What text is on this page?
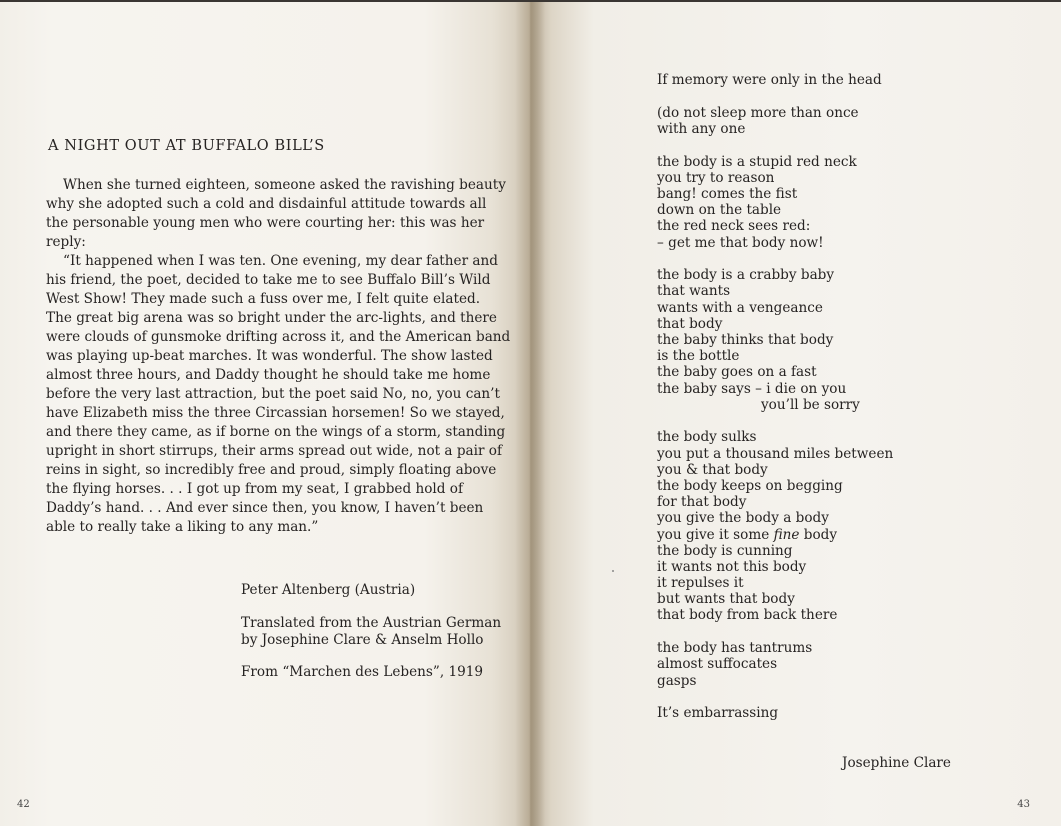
A NIGHT OUT AT BUFFALO BILL’S
When she turned eighteen, someone asked the ravishing beauty
why she adopted such a cold and disdainful attitude towards all
the personable young men who were courting her: this was her
reply:
“It happened when I was ten. One evening, my dear father and
his friend, the poet, decided to take me to see Buffalo Bill’s Wild
West Show! They made such a fuss over me, I felt quite elated.
The great big arena was so bright under the arc-lights, and there
were clouds of gunsmoke drifting across it, and the American band
was playing up-beat marches. It was wonderful. The show lasted
almost three hours, and Daddy thought he should take me home
before the very last attraction, but the poet said No, no, you can’t
have Elizabeth miss the three Circassian horsemen! So we stayed,
and there they came, as if borne on the wings of a storm, standing
upright in short stirrups, their arms spread out wide, not a pair of
reins in sight, so incredibly free and proud, simply floating above
the flying horses. . . I got up from my seat, I grabbed hold of
Daddy’s hand. . . And ever since then, you know, I haven’t been
able to really take a liking to any man.”
Peter Altenberg (Austria)
Translated from the Austrian German
by Josephine Clare & Anselm Hollo
From “Marchen des Lebens”, 1919
42
If memory were only in the head
(do not sleep more than once
with any one
the body is a stupid red neck
you try to reason
bang! comes the fist
down on the table
the red neck sees red:
– get me that body now!
the body is a crabby baby
that wants
wants with a vengeance
that body
the baby thinks that body
is the bottle
the baby goes on a fast
the baby says – i die on you
you’ll be sorry
the body sulks
you put a thousand miles between
you & that body
the body keeps on begging
for that body
you give the body a body
you give it some fine body
the body is cunning
it wants not this body
it repulses it
but wants that body
that body from back there
the body has tantrums
almost suffocates
gasps
It’s embarrassing
Josephine Clare
43
